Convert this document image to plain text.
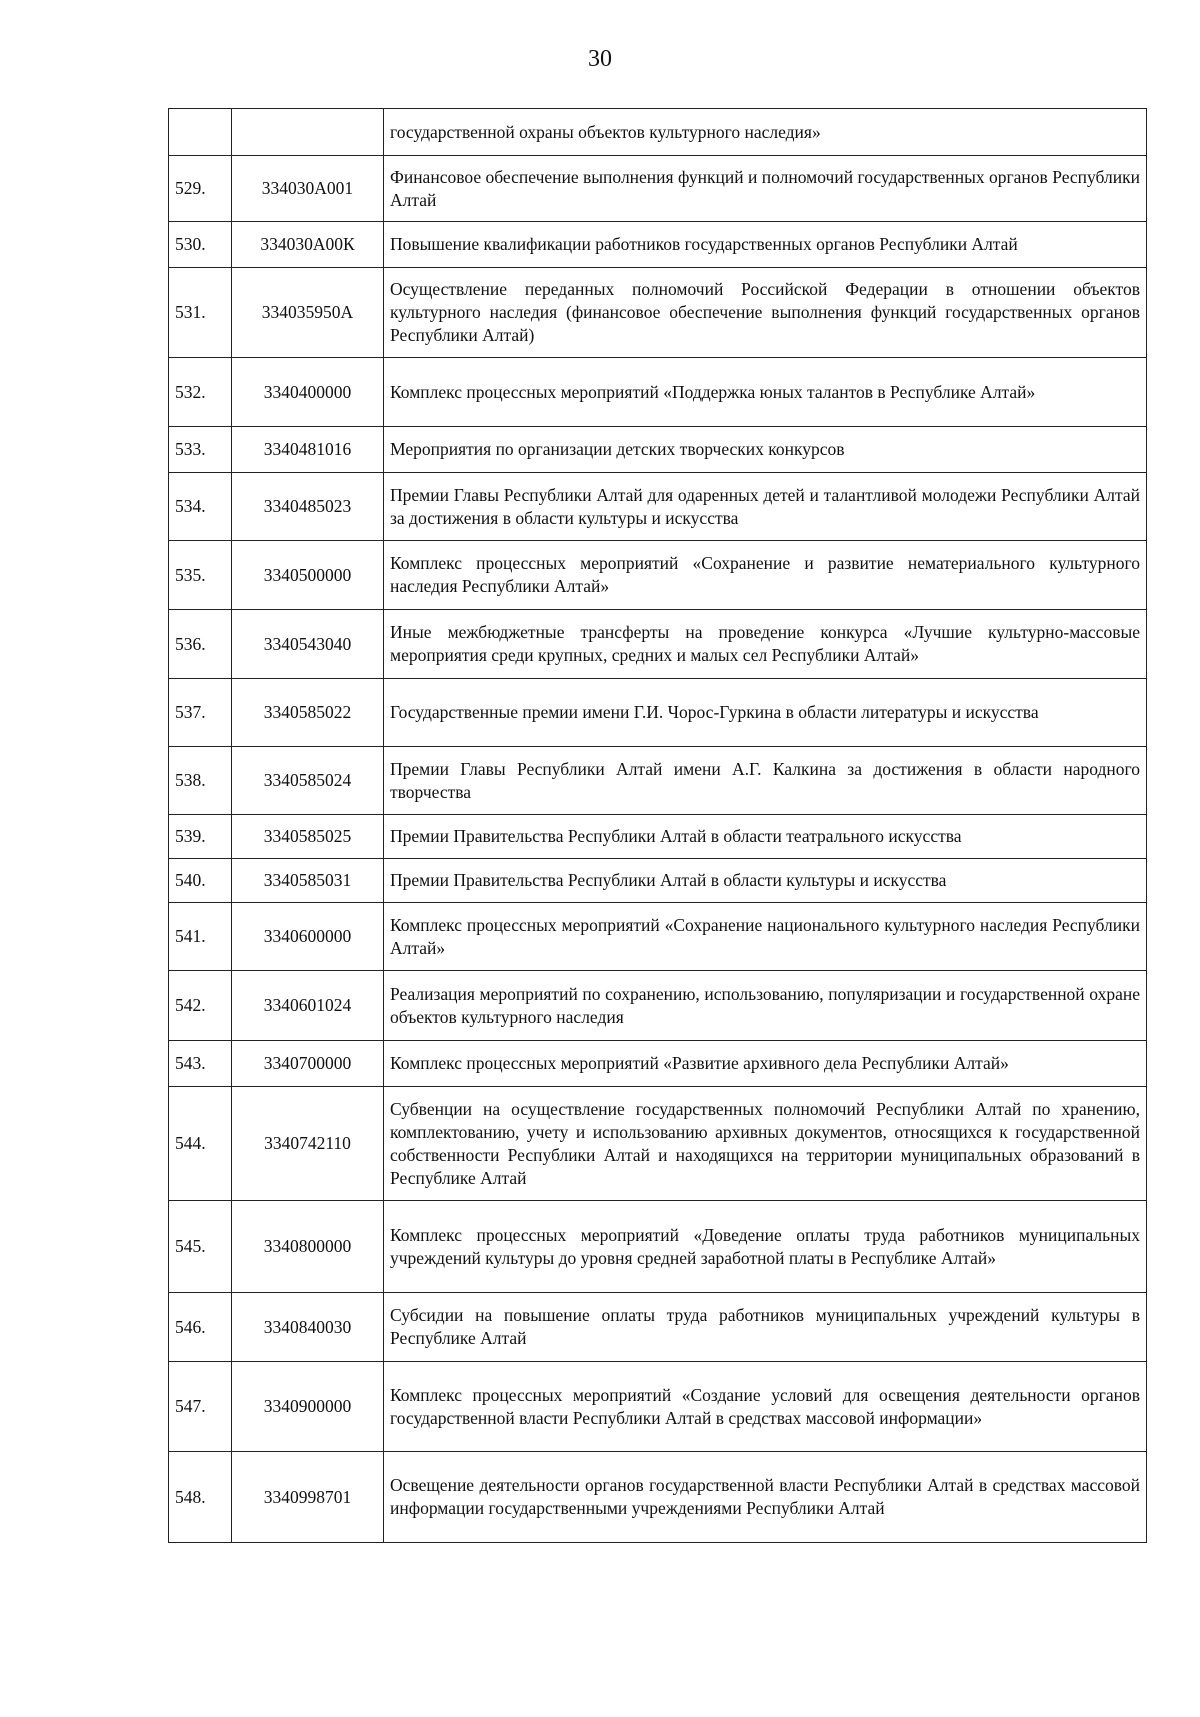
30
		государственной охраны объектов культурного наследия»
529.	334030А001	Финансовое обеспечение выполнения функций и полномочий государственных органов Республики Алтай
530.	334030А00К	Повышение квалификации работников государственных органов Республики Алтай
531.	334035950А	Осуществление переданных полномочий Российской Федерации в отношении объектов культурного наследия (финансовое обеспечение выполнения функций государственных органов Республики Алтай)
532.	3340400000	Комплекс процессных мероприятий «Поддержка юных талантов в Республике Алтай»
533.	3340481016	Мероприятия по организации детских творческих конкурсов
534.	3340485023	Премии Главы Республики Алтай для одаренных детей и талантливой молодежи Республики Алтай за достижения в области культуры и искусства
535.	3340500000	Комплекс процессных мероприятий «Сохранение и развитие нематериального культурного наследия Республики Алтай»
536.	3340543040	Иные межбюджетные трансферты на проведение конкурса «Лучшие культурно-массовые мероприятия среди крупных, средних и малых сел Республики Алтай»
537.	3340585022	Государственные премии имени Г.И. Чорос-Гуркина в области литературы и искусства
538.	3340585024	Премии Главы Республики Алтай имени А.Г. Калкина за достижения в области народного творчества
539.	3340585025	Премии Правительства Республики Алтай в области театрального искусства
540.	3340585031	Премии Правительства Республики Алтай в области культуры и искусства
541.	3340600000	Комплекс процессных мероприятий «Сохранение национального культурного наследия Республики Алтай»
542.	3340601024	Реализация мероприятий по сохранению, использованию, популяризации и государственной охране объектов культурного наследия
543.	3340700000	Комплекс процессных мероприятий «Развитие архивного дела Республики Алтай»
544.	3340742110	Субвенции на осуществление государственных полномочий Республики Алтай по хранению, комплектованию, учету и использованию архивных документов, относящихся к государственной собственности Республики Алтай и находящихся на территории муниципальных образований в Республике Алтай
545.	3340800000	Комплекс процессных мероприятий «Доведение оплаты труда работников муниципальных учреждений культуры до уровня средней заработной платы в Республике Алтай»
546.	3340840030	Субсидии на повышение оплаты труда работников муниципальных учреждений культуры в Республике Алтай
547.	3340900000	Комплекс процессных мероприятий «Создание условий для освещения деятельности органов государственной власти Республики Алтай в средствах массовой информации»
548.	3340998701	Освещение деятельности органов государственной власти Республики Алтай в средствах массовой информации государственными учреждениями Республики Алтай
